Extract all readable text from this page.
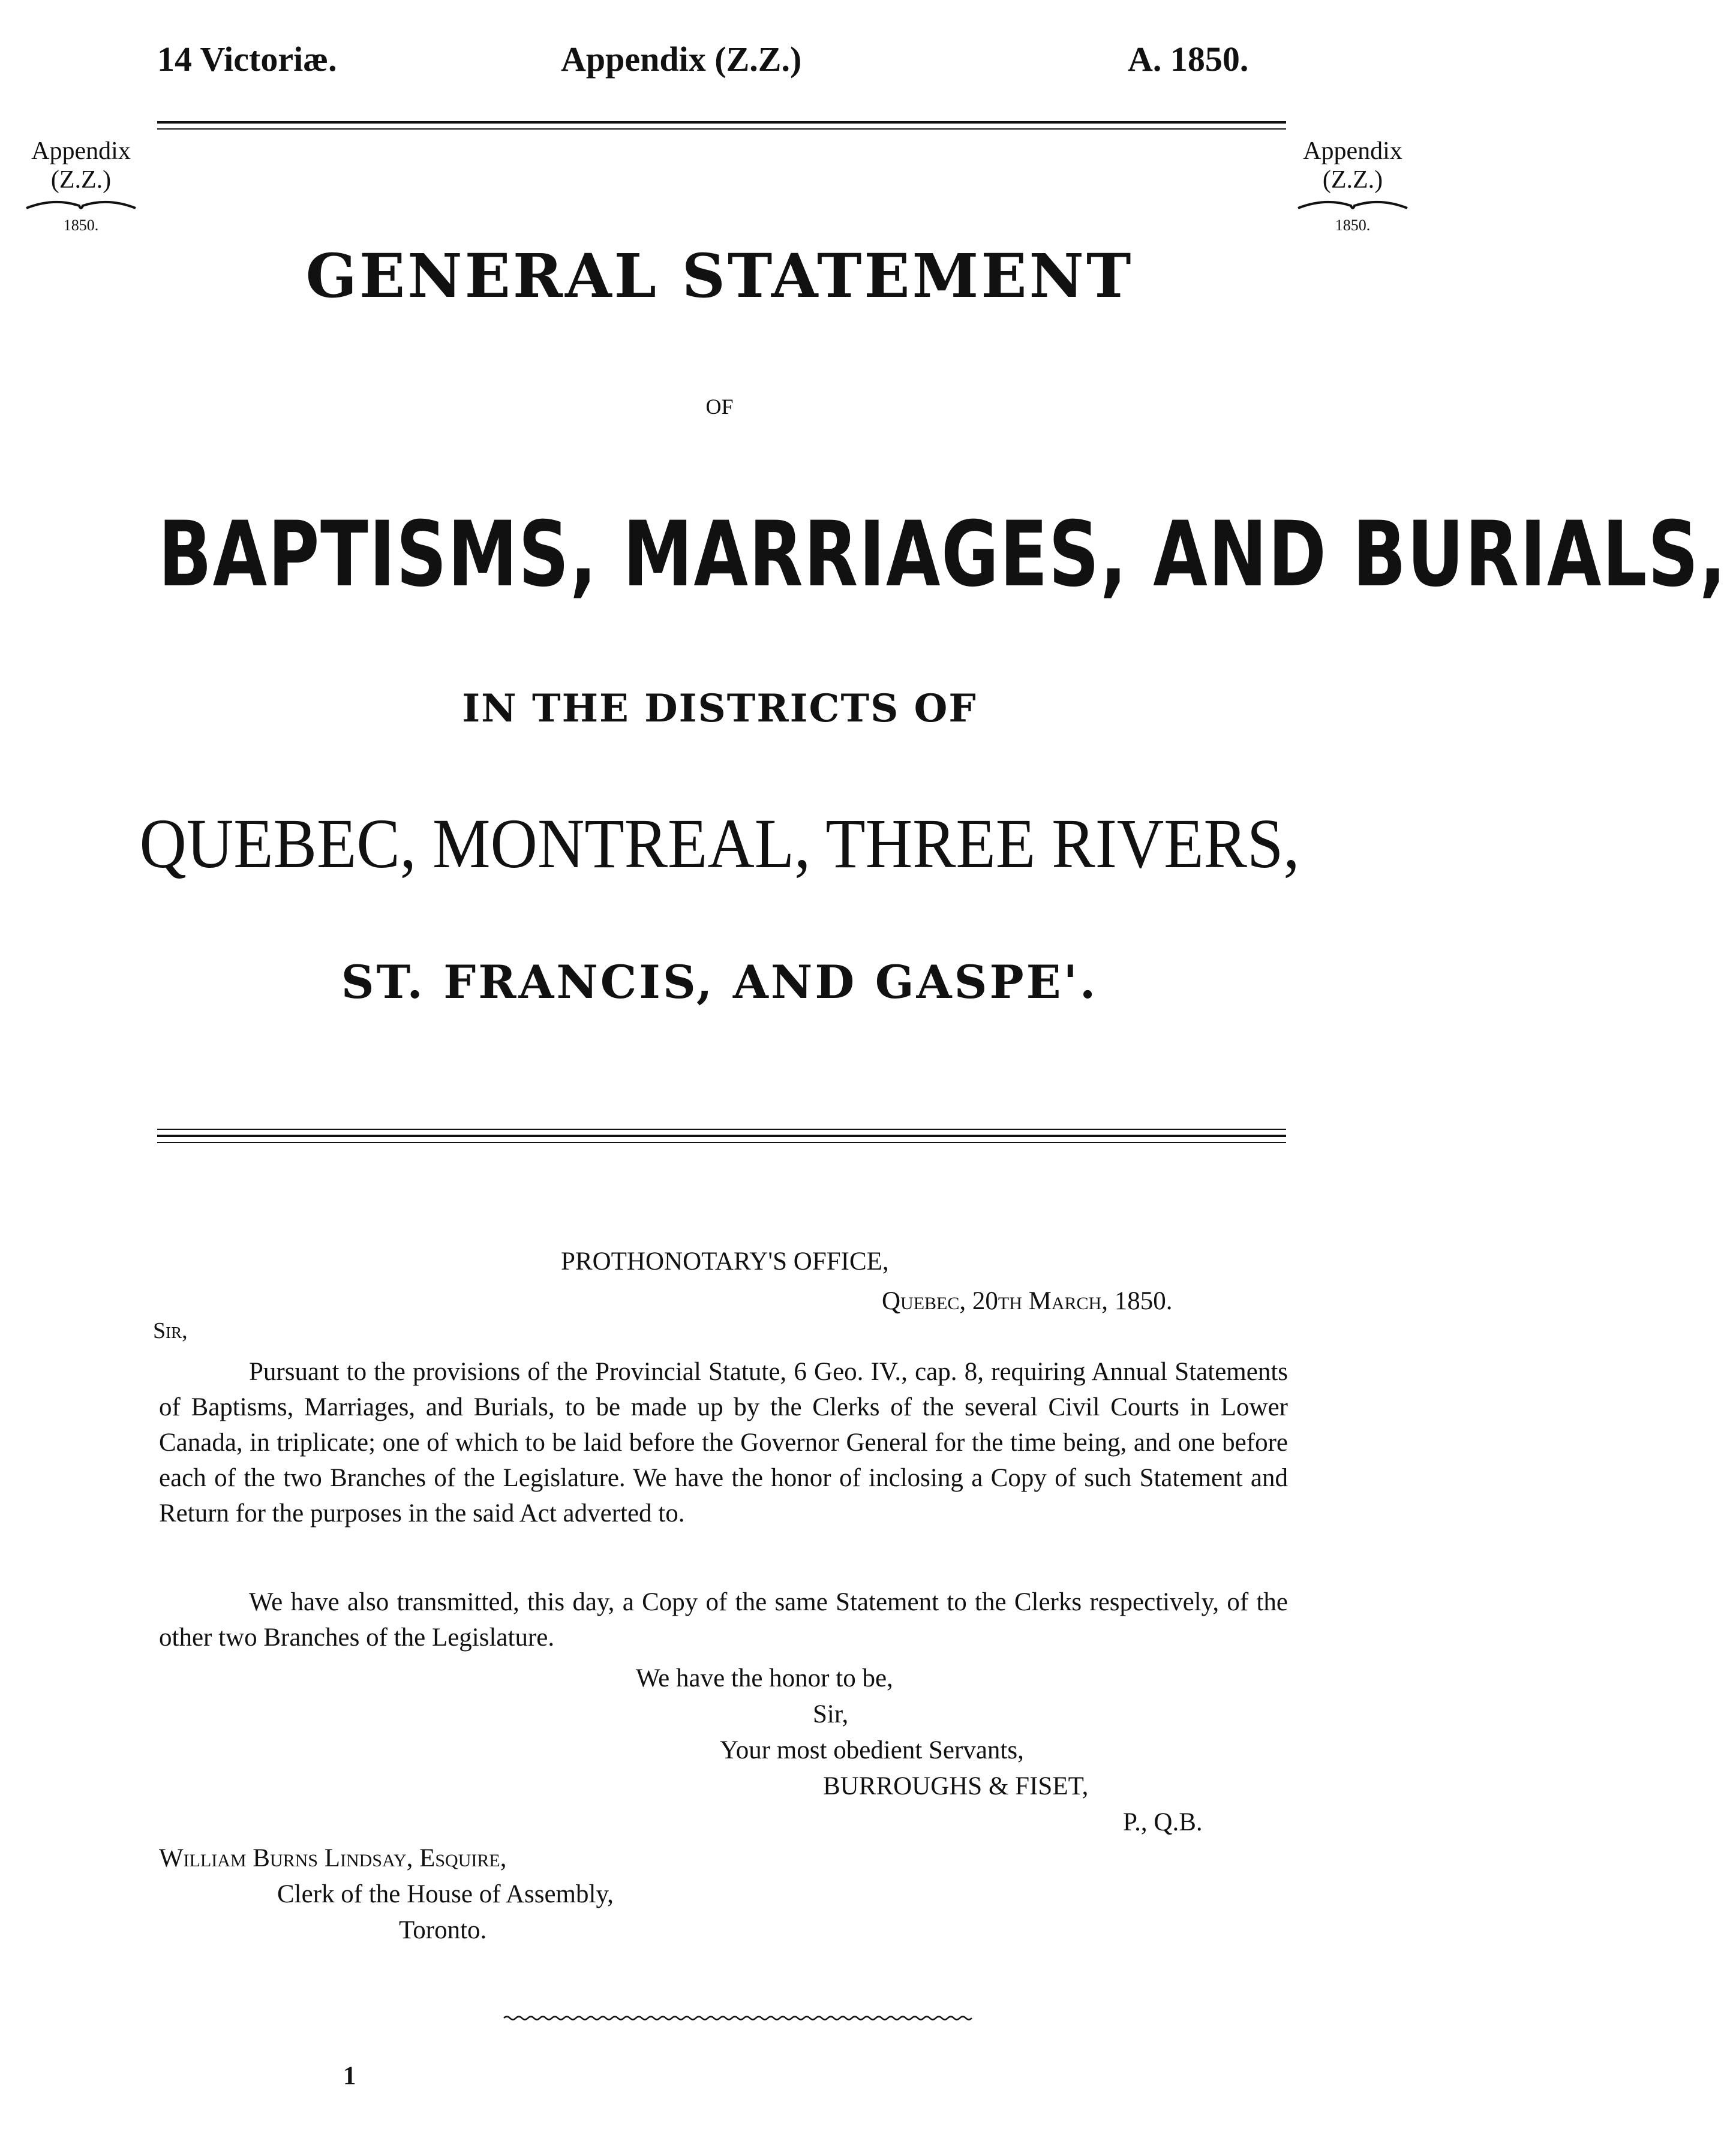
14 Victoriæ.	Appendix (Z.Z.)	A. 1850.
Appendix
(Z.Z.)
1850.
Appendix
(Z.Z.)
1850.
GENERAL STATEMENT
OF
BAPTISMS, MARRIAGES, AND BURIALS,
IN THE DISTRICTS OF
QUEBEC, MONTREAL, THREE RIVERS,
ST. FRANCIS, AND GASPE'.
PROTHONOTARY'S OFFICE,
Quebec, 20th March, 1850.
Sir,
Pursuant to the provisions of the Provincial Statute, 6 Geo. IV., cap. 8, requiring Annual Statements of Baptisms, Marriages, and Burials, to be made up by the Clerks of the several Civil Courts in Lower Canada, in triplicate; one of which to be laid before the Governor General for the time being, and one before each of the two Branches of the Legislature. We have the honor of inclosing a Copy of such Statement and Return for the purposes in the said Act adverted to.
We have also transmitted, this day, a Copy of the same Statement to the Clerks respectively, of the other two Branches of the Legislature.
We have the honor to be,
Sir,
Your most obedient Servants,
BURROUGHS & FISET,
P., Q.B.
William Burns Lindsay, Esquire,
Clerk of the House of Assembly,
Toronto.
1
